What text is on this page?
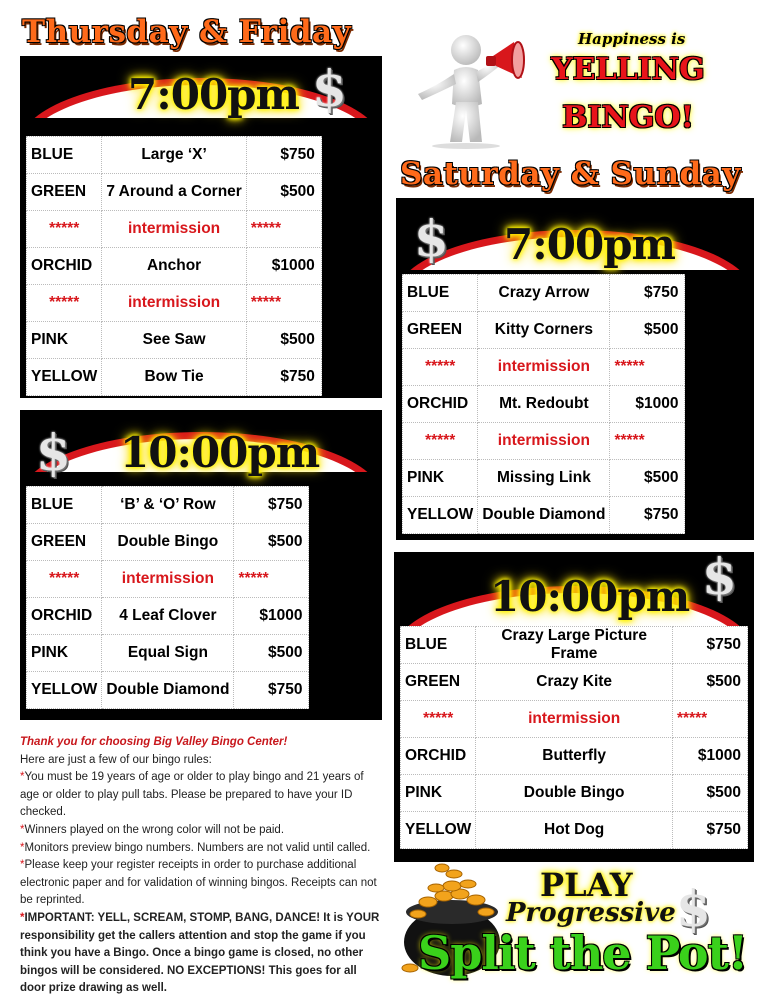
Thursday & Friday
Saturday & Sunday
7:00pm $
BLUE	Large ‘X’	$750
GREEN	7 Around a Corner	$500
*****	intermission	*****
ORCHID	Anchor	$1000
*****	intermission	*****
PINK	See Saw	$500
YELLOW	Bow Tie	$750
10:00pm
$
BLUE	‘B’ & ‘O’ Row	$750
GREEN	Double Bingo	$500
*****	intermission	*****
ORCHID	4 Leaf Clover	$1000
PINK	Equal Sign	$500
YELLOW	Double Diamond	$750
7:00pm
$
BLUE	Crazy Arrow	$750
GREEN	Kitty Corners	$500
*****	intermission	*****
ORCHID	Mt. Redoubt	$1000
*****	intermission	*****
PINK	Missing Link	$500
YELLOW	Double Diamond	$750
10:00pm $
BLUE	Crazy Large Picture Frame	$750
GREEN	Crazy Kite	$500
*****	intermission	*****
ORCHID	Butterfly	$1000
PINK	Double Bingo	$500
YELLOW	Hot Dog	$750
Happiness is
YELLING
BINGO!

Thank you for choosing Big Valley Bingo Center!

Here are just a few of our bingo rules:

*You must be 19 years of age or older to play bingo and 21 years of age or older to play pull tabs. Please be prepared to have your ID checked.

*Winners played on the wrong color will not be paid.

*Monitors preview bingo numbers. Numbers are not valid until called.

*Please keep your register receipts in order to purchase additional electronic paper and for validation of winning bingos. Receipts can not be reprinted.

*IMPORTANT: YELL, SCREAM, STOMP, BANG, DANCE! It is YOUR responsibility get the callers attention and stop the game if you think you have a Bingo. Once a bingo game is closed, no other bingos will be considered. NO EXCEPTIONS! This goes for all door prize drawing as well.

PLAY $
Progressive
Split the Pot!
